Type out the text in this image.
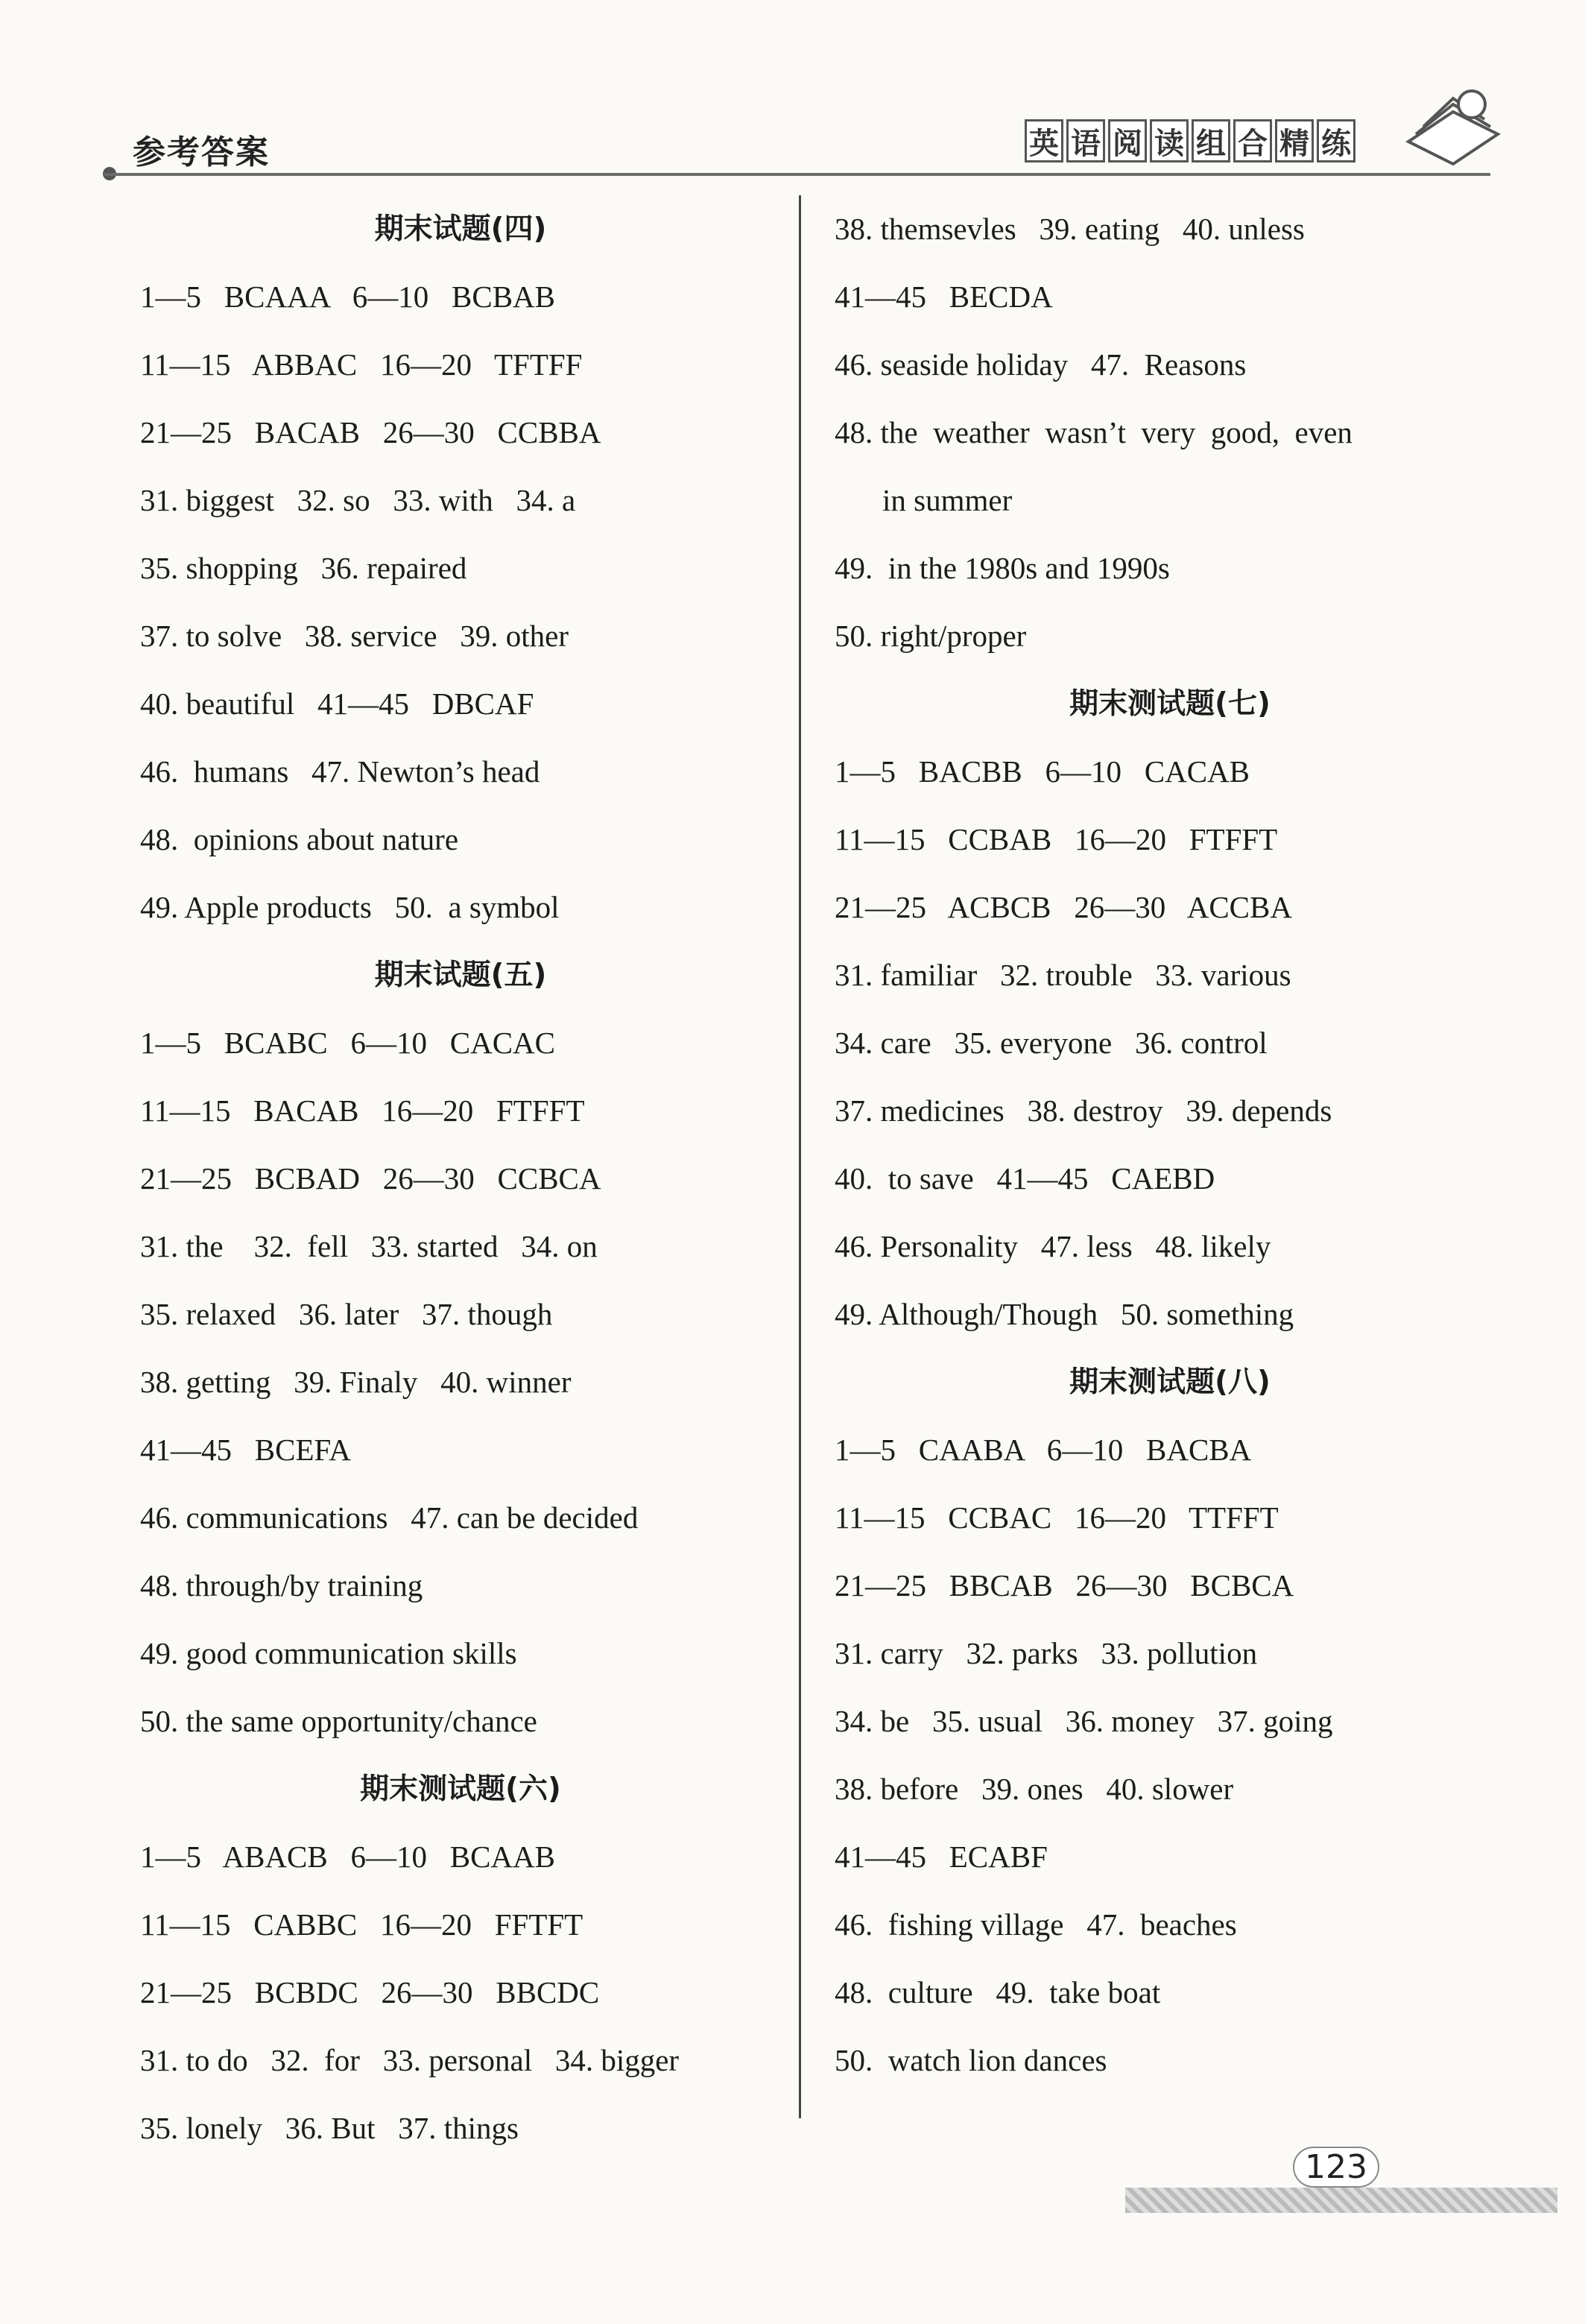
参考答案	英 语 阅 读 组 合 精 练
期末试题(四)
1—5   BCAAA   6—10   BCBAB
11—15   ABBAC   16—20   TFTFF
21—25   BACAB   26—30   CCBBA
31. biggest   32. so   33. with   34. a
35. shopping   36. repaired
37. to solve   38. service   39. other
40. beautiful   41—45   DBCAF
46.  humans   47. Newton’s head
48.  opinions about nature
49. Apple products   50.  a symbol
期末试题(五)
1—5   BCABC   6—10   CACAC
11—15   BACAB   16—20   FTFFT
21—25   BCBAD   26—30   CCBCA
31. the    32.  fell   33. started   34. on
35. relaxed   36. later   37. though
38. getting   39. Finaly   40. winner
41—45   BCEFA
46. communications   47. can be decided
48. through/by training
49. good communication skills
50. the same opportunity/chance
期末测试题(六)
1—5   ABACB   6—10   BCAAB
11—15   CABBC   16—20   FFTFT
21—25   BCBDC   26—30   BBCDC
31. to do   32.  for   33. personal   34. bigger
35. lonely   36. But   37. things
38. themsevles   39. eating   40. unless
41—45   BECDA
46. seaside holiday   47.  Reasons
48. the  weather  wasn’t  very  good,  even
in summer
49.  in the 1980s and 1990s
50. right/proper
期末测试题(七)
1—5   BACBB   6—10   CACAB
11—15   CCBAB   16—20   FTFFT
21—25   ACBCB   26—30   ACCBA
31. familiar   32. trouble   33. various
34. care   35. everyone   36. control
37. medicines   38. destroy   39. depends
40.  to save   41—45   CAEBD
46. Personality   47. less   48. likely
49. Although/Though   50. something
期末测试题(八)
1—5   CAABA   6—10   BACBA
11—15   CCBAC   16—20   TTFFT
21—25   BBCAB   26—30   BCBCA
31. carry   32. parks   33. pollution
34. be   35. usual   36. money   37. going
38. before   39. ones   40. slower
41—45   ECABF
46.  fishing village   47.  beaches
48.  culture   49.  take boat
50.  watch lion dances
123
